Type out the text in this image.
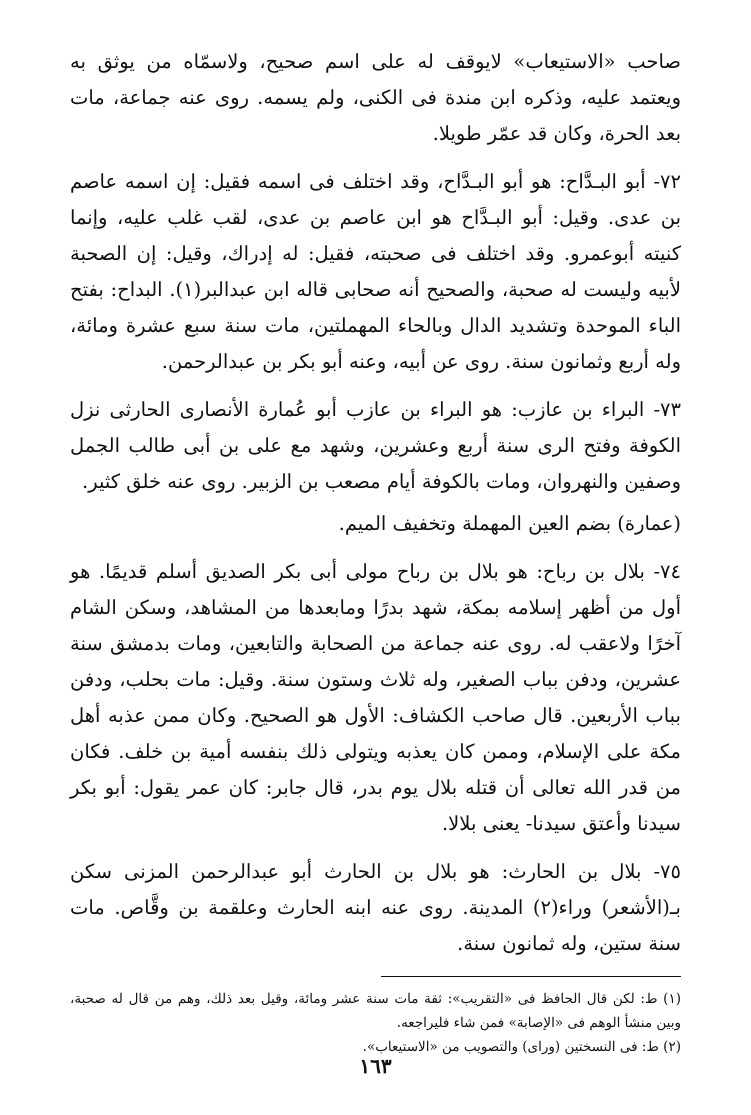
صاحب «الاستيعاب» لايوقف له على اسم صحيح، ولاسمّاه من يوثق به ويعتمد عليه، وذكره ابن مندة فى الكنى، ولم يسمه. روى عنه جماعة، مات بعد الحرة، وكان قد عمّر طويلا.

٧٢- أبو البـدَّاح: هو أبو البـدَّاح، وقد اختلف فى اسمه فقيل: إن اسمه عاصم بن عدى. وقيل: أبو البـدَّاح هو ابن عاصم بن عدى، لقب غلب عليه، وإنما كنيته أبوعمرو. وقد اختلف فى صحبته، فقيل: له إدراك، وقيل: إن الصحبة لأبيه وليست له صحبة، والصحيح أنه صحابى قاله ابن عبدالبر(١). البداح: بفتح الباء الموحدة وتشديد الدال وبالحاء المهملتين، مات سنة سبع عشرة ومائة، وله أربع وثمانون سنة. روى عن أبيه، وعنه أبو بكر بن عبدالرحمن.

٧٣- البراء بن عازب: هو البراء بن عازب أبو عُمارة الأنصارى الحارثى نزل الكوفة وفتح الرى سنة أربع وعشرين، وشهد مع على بن أبى طالب الجمل وصفين والنهروان، ومات بالكوفة أيام مصعب بن الزبير. روى عنه خلق كثير.

(عمارة) بضم العين المهملة وتخفيف الميم.

٧٤- بلال بن رباح: هو بلال بن رباح مولى أبى بكر الصديق أسلم قديمًا. هو أول من أظهر إسلامه بمكة، شهد بدرًا ومابعدها من المشاهد، وسكن الشام آخرًا ولاعقب له. روى عنه جماعة من الصحابة والتابعين، ومات بدمشق سنة عشرين، ودفن بباب الصغير، وله ثلاث وستون سنة. وقيل: مات بحلب، ودفن بباب الأربعين. قال صاحب الكشاف: الأول هو الصحيح. وكان ممن عذبه أهل مكة على الإسلام، وممن كان يعذبه ويتولى ذلك بنفسه أمية بن خلف. فكان من قدر الله تعالى أن قتله بلال يوم بدر، قال جابر: كان عمر يقول: أبو بكر سيدنا وأعتق سيدنا- يعنى بلالا.

٧٥- بلال بن الحارث: هو بلال بن الحارث أبو عبدالرحمن المزنى سكن بـ(الأشعر) وراء(٢) المدينة. روى عنه ابنه الحارث وعلقمة بن وقَّاص. مات سنة ستين، وله ثمانون سنة.

(١) ط: لكن قال الحافظ فى «التقريب»: ثقة مات سنة عشر ومائة، وقيل بعد ذلك، وهم من قال له صحبة، وبين منشأ الوهم فى «الإصابة» فمن شاء فليراجعه.

(٢) ط: فى النسختين (وراى) والتصويب من «الاستيعاب».

١٦٣
